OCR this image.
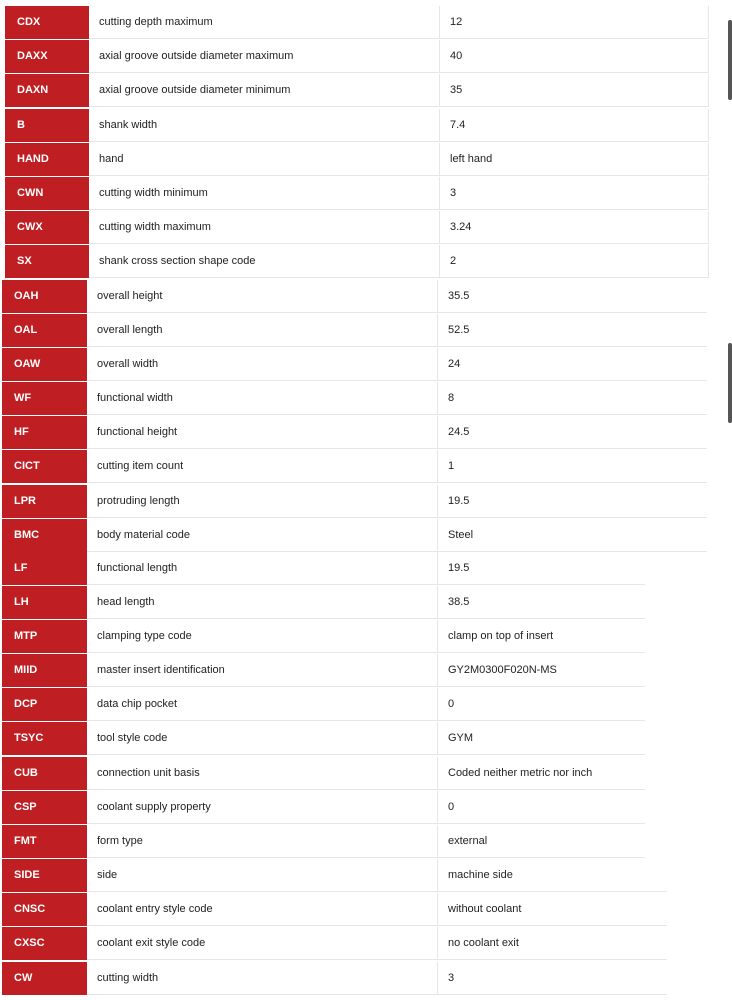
CDX	cutting depth maximum	12
DAXX	axial groove outside diameter maximum	40
DAXN	axial groove outside diameter minimum	35
B	shank width	7.4
HAND	hand	left hand
CWN	cutting width minimum	3
CWX	cutting width maximum	3.24
SX	shank cross section shape code	2
OAH	overall height	35.5
OAL	overall length	52.5
OAW	overall width	24
WF	functional width	8
HF	functional height	24.5
CICT	cutting item count	1
LPR	protruding length	19.5
BMC	body material code	Steel
LF	functional length	19.5
LH	head length	38.5
MTP	clamping type code	clamp on top of insert
MIID	master insert identification	GY2M0300F020N-MS
DCP	data chip pocket	0
TSYC	tool style code	GYM
CUB	connection unit basis	Coded neither metric nor inch
CSP	coolant supply property	0
FMT	form type	external
SIDE	side	machine side
CNSC	coolant entry style code	without coolant
CXSC	coolant exit style code	no coolant exit
CW	cutting width	3
